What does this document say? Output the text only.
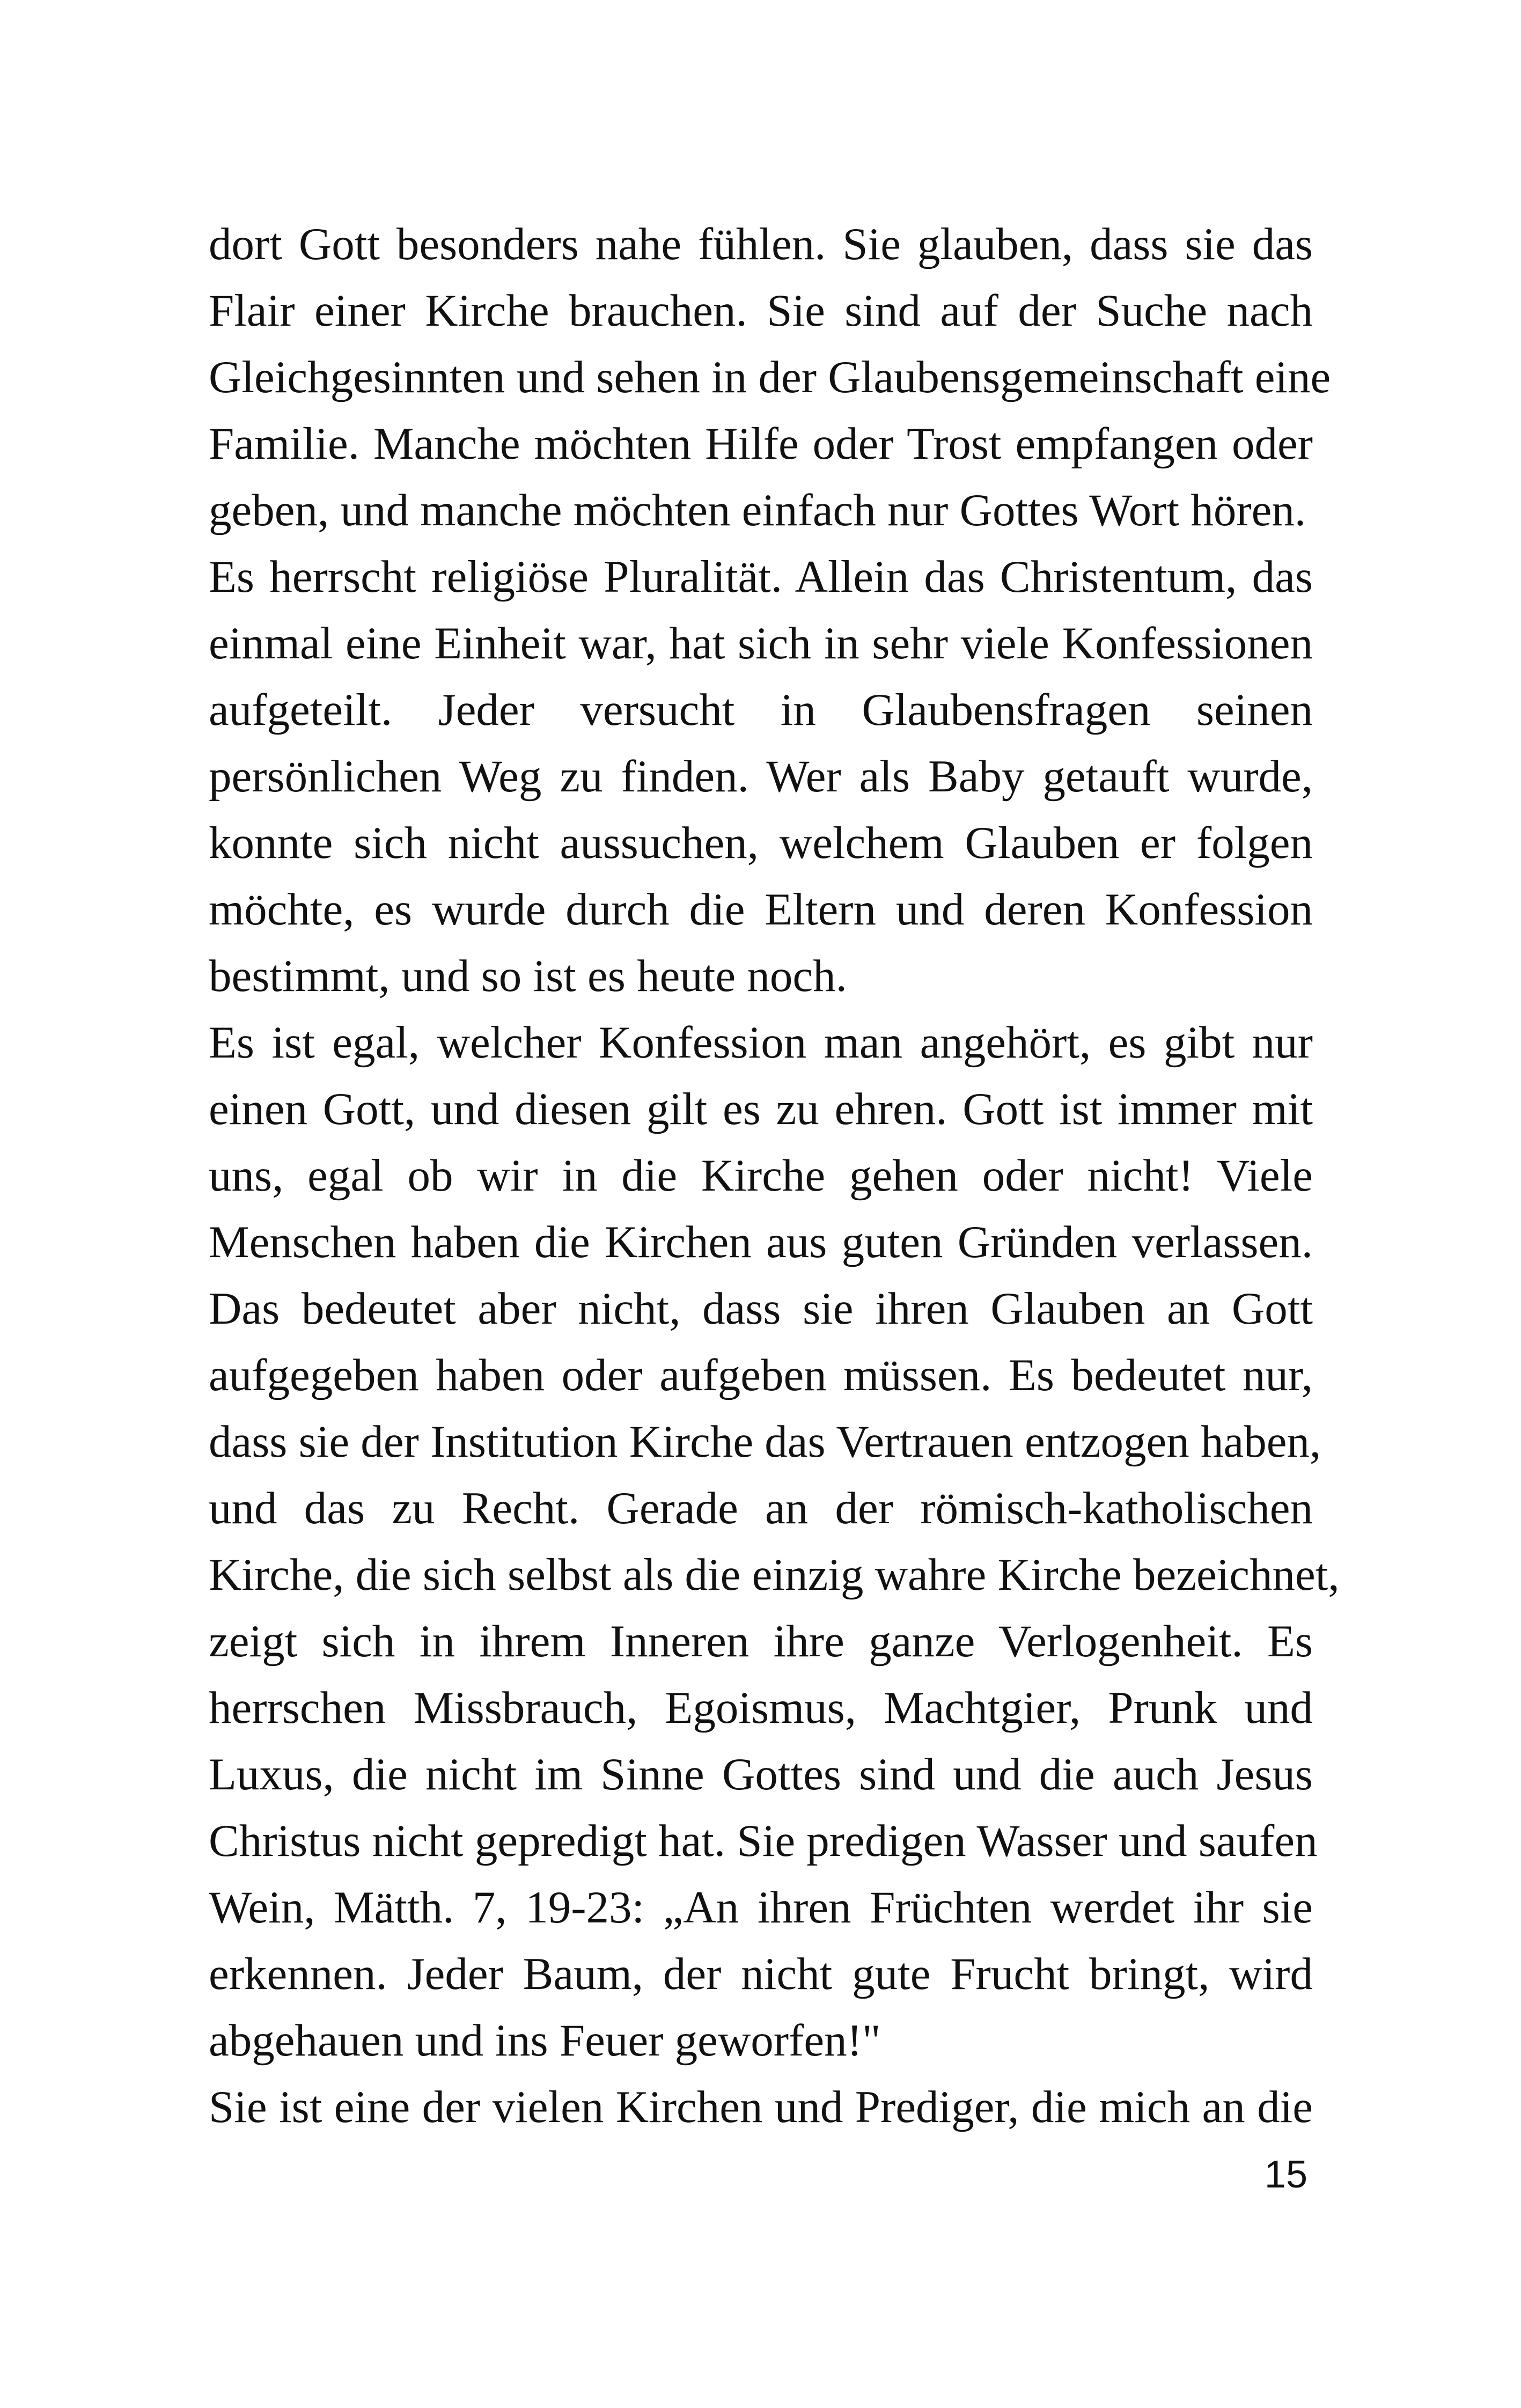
dort Gott besonders nahe fühlen. Sie glauben, dass sie das
Flair einer Kirche brauchen. Sie sind auf der Suche nach
Gleichgesinnten und sehen in der Glaubensgemeinschaft eine
Familie. Manche möchten Hilfe oder Trost empfangen oder
geben, und manche möchten einfach nur Gottes Wort hören.
Es herrscht religiöse Pluralität. Allein das Christentum, das
einmal eine Einheit war, hat sich in sehr viele Konfessionen
aufgeteilt. Jeder versucht in Glaubensfragen seinen
persönlichen Weg zu finden. Wer als Baby getauft wurde,
konnte sich nicht aussuchen, welchem Glauben er folgen
möchte, es wurde durch die Eltern und deren Konfession
bestimmt, und so ist es heute noch.
Es ist egal, welcher Konfession man angehört, es gibt nur
einen Gott, und diesen gilt es zu ehren. Gott ist immer mit
uns, egal ob wir in die Kirche gehen oder nicht! Viele
Menschen haben die Kirchen aus guten Gründen verlassen.
Das bedeutet aber nicht, dass sie ihren Glauben an Gott
aufgegeben haben oder aufgeben müssen. Es bedeutet nur,
dass sie der Institution Kirche das Vertrauen entzogen haben,
und das zu Recht. Gerade an der römisch-katholischen
Kirche, die sich selbst als die einzig wahre Kirche bezeichnet,
zeigt sich in ihrem Inneren ihre ganze Verlogenheit. Es
herrschen Missbrauch, Egoismus, Machtgier, Prunk und
Luxus, die nicht im Sinne Gottes sind und die auch Jesus
Christus nicht gepredigt hat. Sie predigen Wasser und saufen
Wein, Mätth. 7, 19-23: „An ihren Früchten werdet ihr sie
erkennen. Jeder Baum, der nicht gute Frucht bringt, wird
abgehauen und ins Feuer geworfen!"
Sie ist eine der vielen Kirchen und Prediger, die mich an die
15
